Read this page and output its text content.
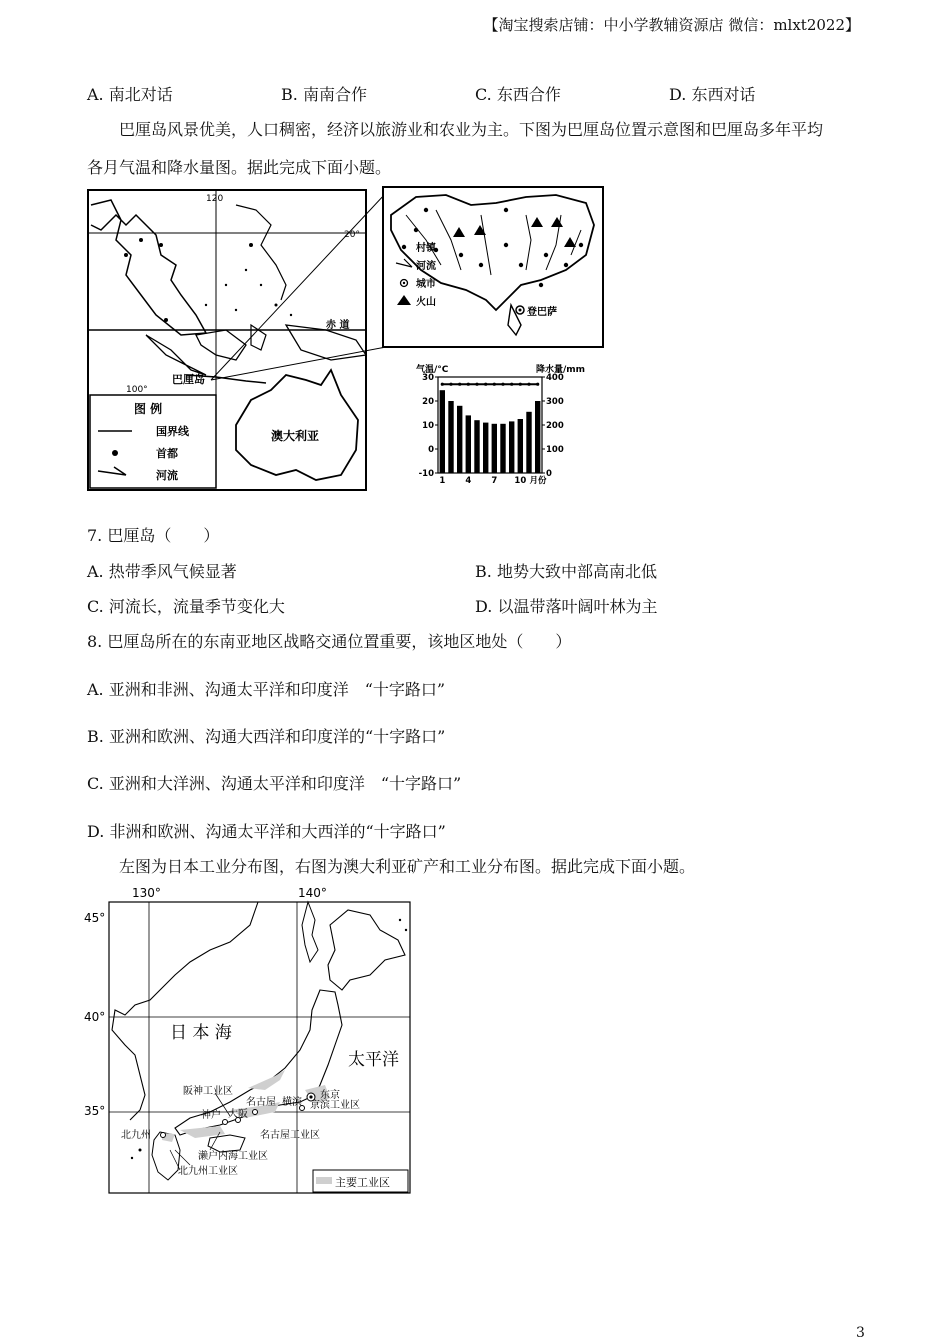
【淘宝搜索店铺：中小学教辅资源店 微信：mlxt2022】
A. 南北对话	B. 南南合作	C. 东西合作	D. 东西对话
巴厘岛风景优美，人口稠密，经济以旅游业和农业为主。下图为巴厘岛位置示意图和巴厘岛多年平均
各月气温和降水量图。据此完成下面小题。
120
20°
赤 道
100°
巴厘岛
澳大利亚
图 例
国界线
首都
河流
登巴萨
村镇
河流
城市
火山
气温/°C	降水量/mm
30
20
10
0
-10
400
300
200
100
0
1 4 7 10 月份
7. 巴厘岛（　　）
A. 热带季风气候显著	B. 地势大致中部高南北低
C. 河流长，流量季节变化大	D. 以温带落叶阔叶林为主
8. 巴厘岛所在的东南亚地区战略交通位置重要，该地区地处（　　）
A. 亚洲和非洲、沟通太平洋和印度洋　“十字路口”
B. 亚洲和欧洲、沟通大西洋和印度洋的“十字路口”
C. 亚洲和大洋洲、沟通太平洋和印度洋　“十字路口”
D. 非洲和欧洲、沟通太平洋和大西洋的“十字路口”
左图为日本工业分布图，右图为澳大利亚矿产和工业分布图。据此完成下面小题。
130°	140°
45°
40°
35°
日 本 海
太平洋
阪神工业区
名古屋 横滨
东京
京滨工业区
神户 大阪
北九州	名古屋工业区
濑户内海工业区
北九州工业区
主要工业区
3
